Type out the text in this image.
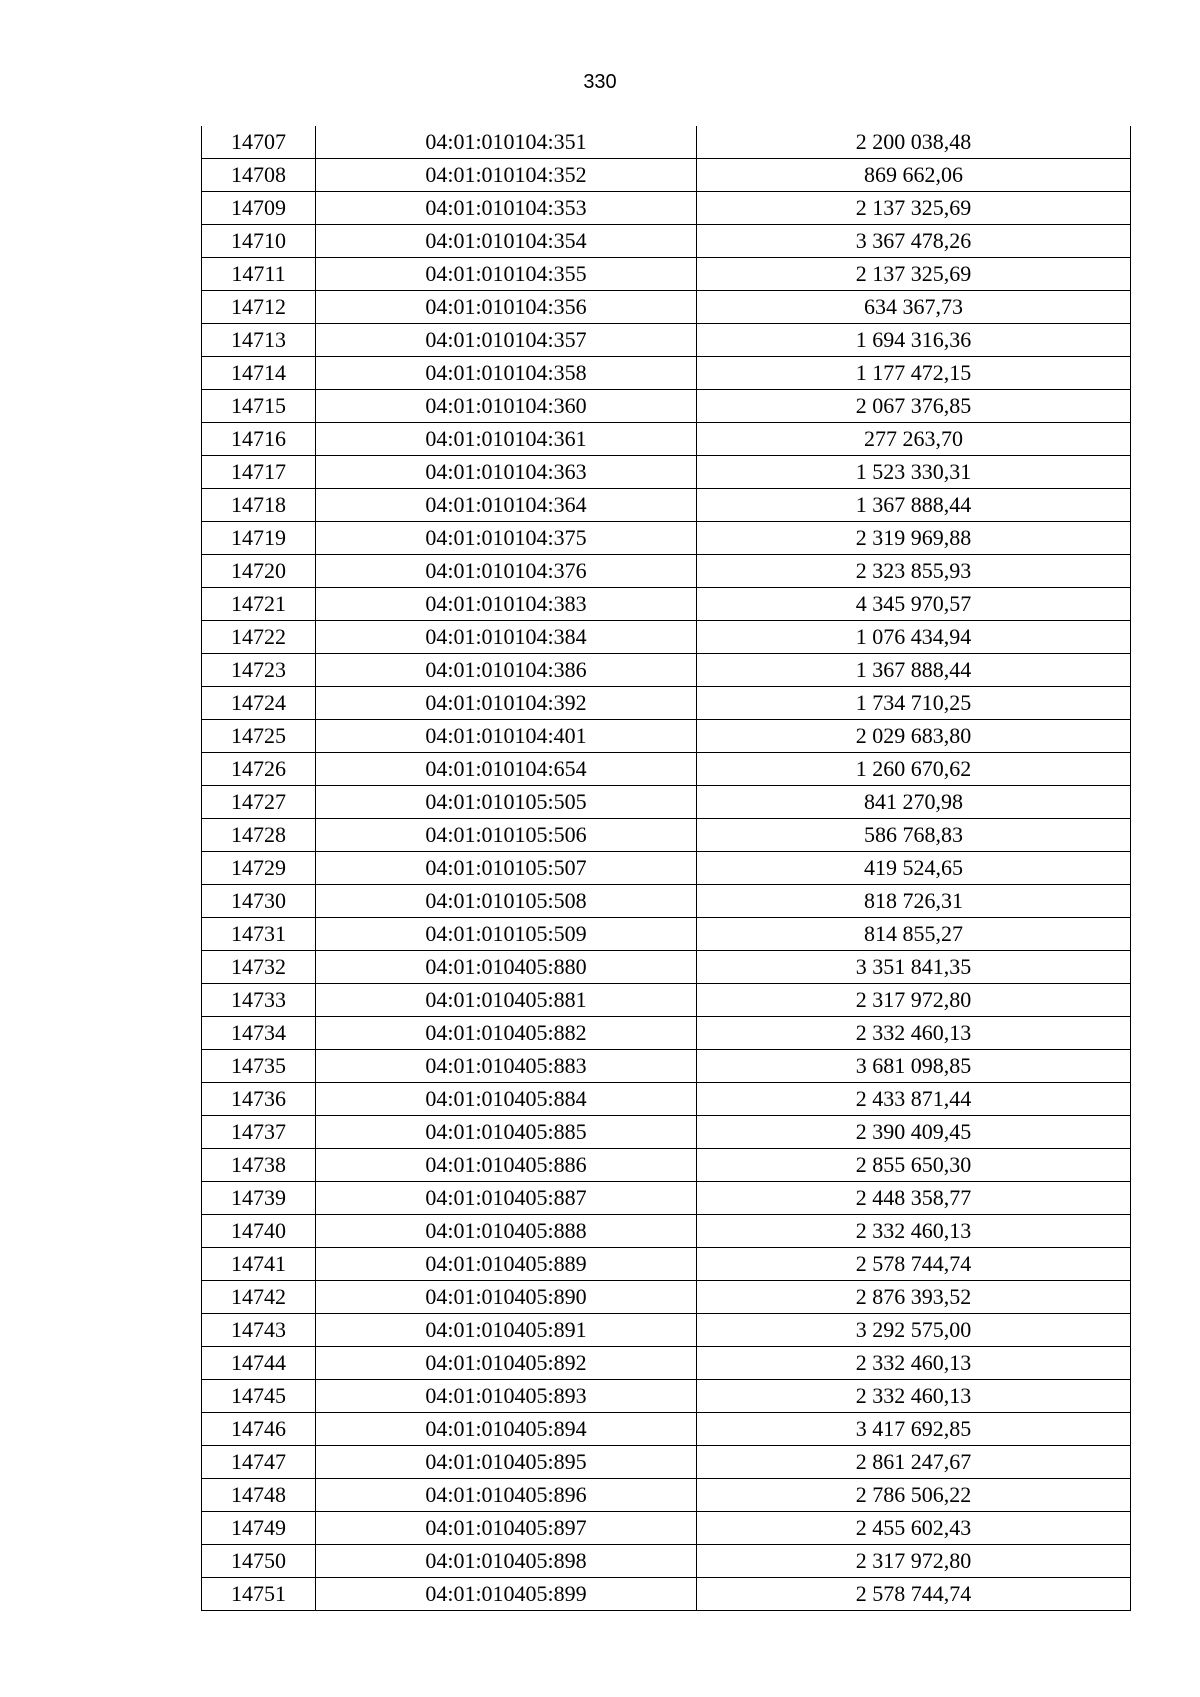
330
14707	04:01:010104:351	2 200 038,48
14708	04:01:010104:352	869 662,06
14709	04:01:010104:353	2 137 325,69
14710	04:01:010104:354	3 367 478,26
14711	04:01:010104:355	2 137 325,69
14712	04:01:010104:356	634 367,73
14713	04:01:010104:357	1 694 316,36
14714	04:01:010104:358	1 177 472,15
14715	04:01:010104:360	2 067 376,85
14716	04:01:010104:361	277 263,70
14717	04:01:010104:363	1 523 330,31
14718	04:01:010104:364	1 367 888,44
14719	04:01:010104:375	2 319 969,88
14720	04:01:010104:376	2 323 855,93
14721	04:01:010104:383	4 345 970,57
14722	04:01:010104:384	1 076 434,94
14723	04:01:010104:386	1 367 888,44
14724	04:01:010104:392	1 734 710,25
14725	04:01:010104:401	2 029 683,80
14726	04:01:010104:654	1 260 670,62
14727	04:01:010105:505	841 270,98
14728	04:01:010105:506	586 768,83
14729	04:01:010105:507	419 524,65
14730	04:01:010105:508	818 726,31
14731	04:01:010105:509	814 855,27
14732	04:01:010405:880	3 351 841,35
14733	04:01:010405:881	2 317 972,80
14734	04:01:010405:882	2 332 460,13
14735	04:01:010405:883	3 681 098,85
14736	04:01:010405:884	2 433 871,44
14737	04:01:010405:885	2 390 409,45
14738	04:01:010405:886	2 855 650,30
14739	04:01:010405:887	2 448 358,77
14740	04:01:010405:888	2 332 460,13
14741	04:01:010405:889	2 578 744,74
14742	04:01:010405:890	2 876 393,52
14743	04:01:010405:891	3 292 575,00
14744	04:01:010405:892	2 332 460,13
14745	04:01:010405:893	2 332 460,13
14746	04:01:010405:894	3 417 692,85
14747	04:01:010405:895	2 861 247,67
14748	04:01:010405:896	2 786 506,22
14749	04:01:010405:897	2 455 602,43
14750	04:01:010405:898	2 317 972,80
14751	04:01:010405:899	2 578 744,74
